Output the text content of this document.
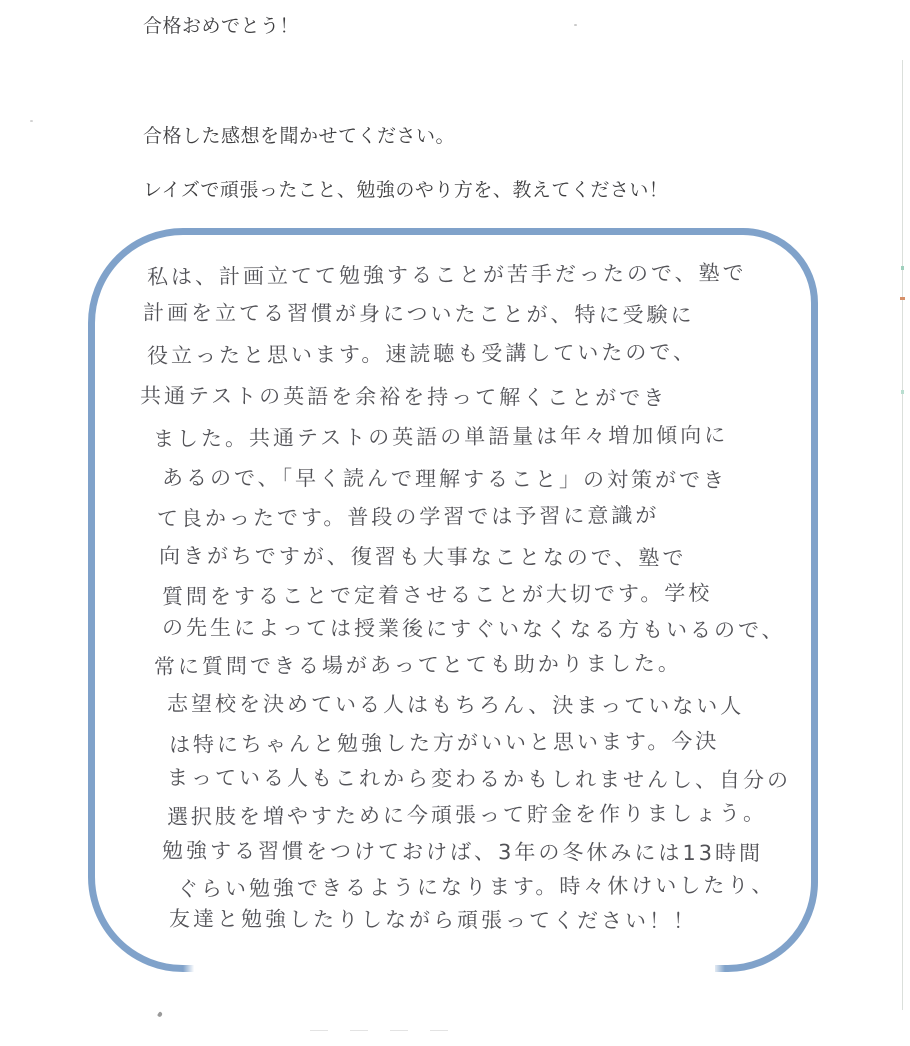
合格おめでとう！
合格した感想を聞かせてください。
レイズで頑張ったこと、勉強のやり方を、教えてください！
私は、計画立てて勉強することが苦手だったので、塾で
計画を立てる習慣が身についたことが、特に受験に
役立ったと思います。速読聴も受講していたので、
共通テストの英語を余裕を持って解くことができ
ました。共通テストの英語の単語量は年々増加傾向に
あるので、「早く読んで理解すること」の対策ができ
て良かったです。普段の学習では予習に意識が
向きがちですが、復習も大事なことなので、塾で
質問をすることで定着させることが大切です。学校
の先生によっては授業後にすぐいなくなる方もいるので、
常に質問できる場があってとても助かりました。
志望校を決めている人はもちろん、決まっていない人
は特にちゃんと勉強した方がいいと思います。今決
まっている人もこれから変わるかもしれませんし、自分の
選択肢を増やすために今頑張って貯金を作りましょう。
勉強する習慣をつけておけば、3年の冬休みには13時間
ぐらい勉強できるようになります。時々休けいしたり、
友達と勉強したりしながら頑張ってください！！
